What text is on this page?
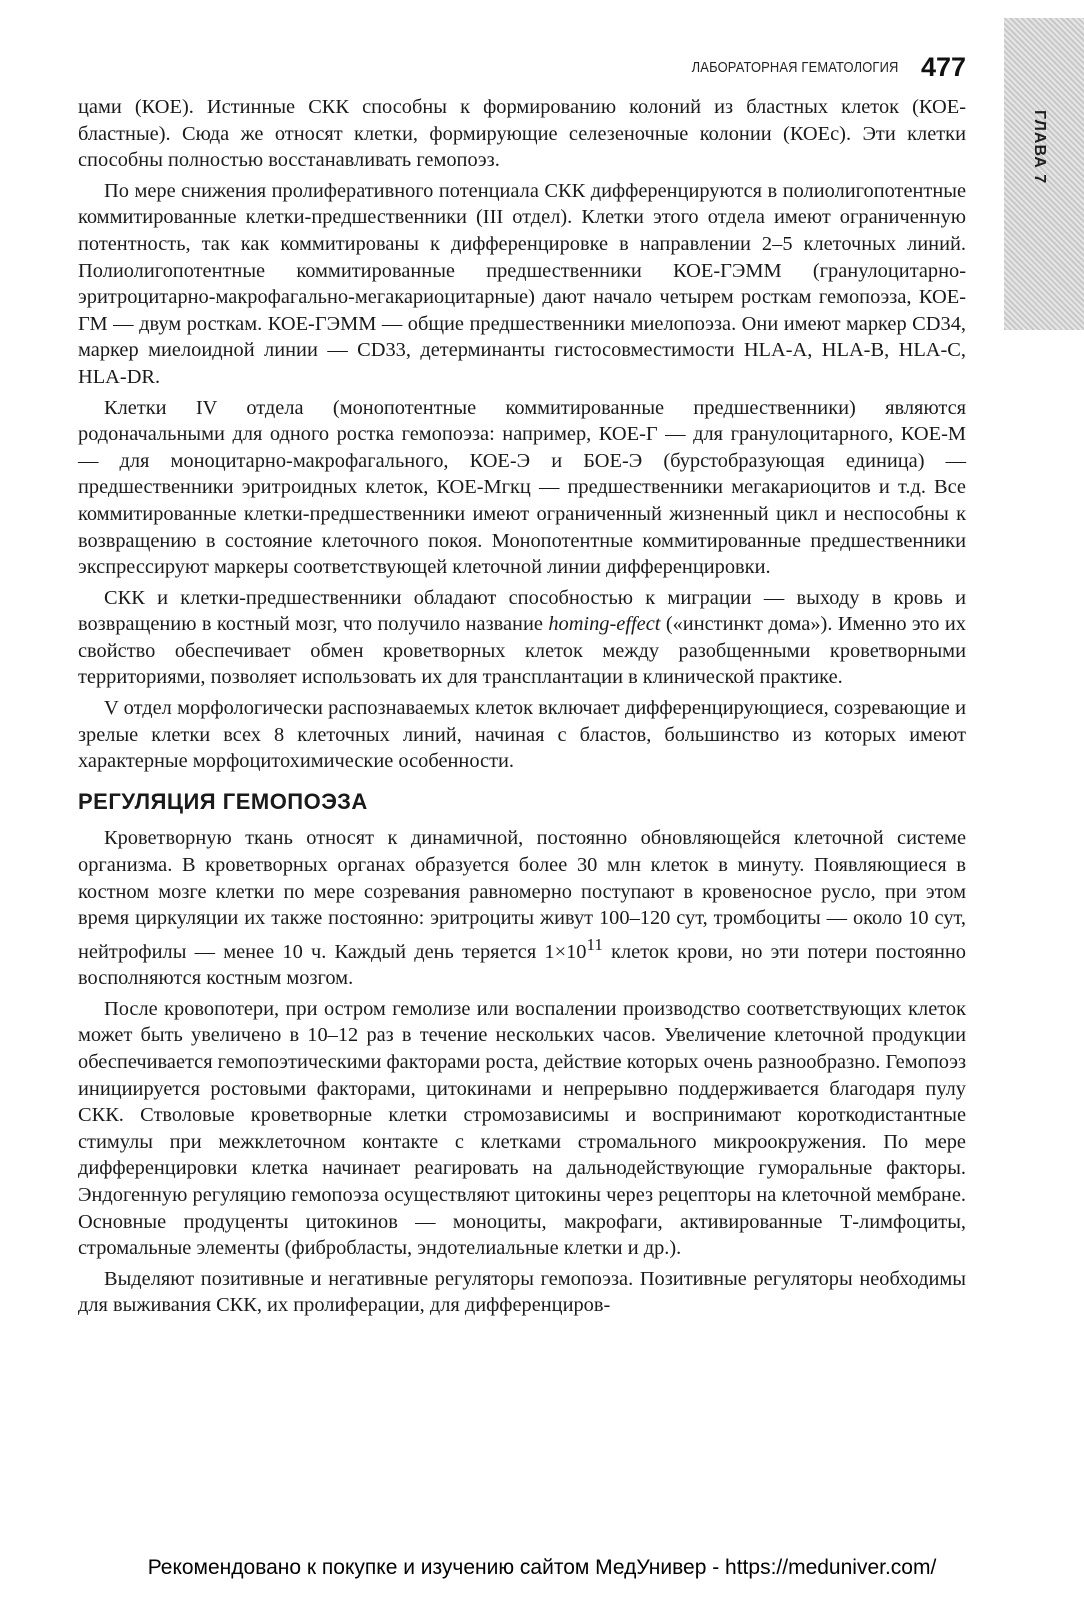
ЛАБОРАТОРНАЯ ГЕМАТОЛОГИЯ 477
ГЛАВА 7

цами (КОЕ). Истинные СКК способны к формированию колоний из бластных клеток (КОЕ-бластные). Сюда же относят клетки, формирующие селезеночные колонии (КОЕс). Эти клетки способны полностью восстанавливать гемопоэз.

По мере снижения пролиферативного потенциала СКК дифференцируются в полиолигопотентные коммитированные клетки-предшественники (III отдел). Клетки этого отдела имеют ограниченную потентность, так как коммитированы к дифференцировке в направлении 2–5 клеточных линий. Полиолигопотентные коммитированные предшественники КОЕ-ГЭММ (гранулоцитарно-эритроцитарно-макрофагально-мегакариоцитарные) дают начало четырем росткам гемопоэза, КОЕ-ГМ — двум росткам. КОЕ-ГЭММ — общие предшественники миелопоэза. Они имеют маркер CD34, маркер миелоидной линии — CD33, детерминанты гистосовместимости HLA-A, HLA-B, HLA-C, HLA-DR.

Клетки IV отдела (монопотентные коммитированные предшественники) являются родоначальными для одного ростка гемопоэза: например, КОЕ-Г — для гранулоцитарного, КОЕ-М — для моноцитарно-макрофагального, КОЕ-Э и БОЕ-Э (бурстобразующая единица) — предшественники эритроидных клеток, КОЕ-Мгкц — предшественники мегакариоцитов и т.д. Все коммитированные клетки-предшественники имеют ограниченный жизненный цикл и неспособны к возвращению в состояние клеточного покоя. Монопотентные коммитированные предшественники экспрессируют маркеры соответствующей клеточной линии дифференцировки.

СКК и клетки-предшественники обладают способностью к миграции — выходу в кровь и возвращению в костный мозг, что получило название homing-effect («инстинкт дома»). Именно это их свойство обеспечивает обмен кроветворных клеток между разобщенными кроветворными территориями, позволяет использовать их для трансплантации в клинической практике.

V отдел морфологически распознаваемых клеток включает дифференцирующиеся, созревающие и зрелые клетки всех 8 клеточных линий, начиная с бластов, большинство из которых имеют характерные морфоцитохимические особенности.

РЕГУЛЯЦИЯ ГЕМОПОЭЗА

Кроветворную ткань относят к динамичной, постоянно обновляющейся клеточной системе организма. В кроветворных органах образуется более 30 млн клеток в минуту. Появляющиеся в костном мозге клетки по мере созревания равномерно поступают в кровеносное русло, при этом время циркуляции их также постоянно: эритроциты живут 100–120 сут, тромбоциты — около 10 сут, нейтрофилы — менее 10 ч. Каждый день теряется $1\times 10^{11}$ клеток крови, но эти потери постоянно восполняются костным мозгом.

После кровопотери, при остром гемолизе или воспалении производство соответствующих клеток может быть увеличено в 10–12 раз в течение нескольких часов. Увеличение клеточной продукции обеспечивается гемопоэтическими факторами роста, действие которых очень разнообразно. Гемопоэз инициируется ростовыми факторами, цитокинами и непрерывно поддерживается благодаря пулу СКК. Стволовые кроветворные клетки стромозависимы и воспринимают короткодистантные стимулы при межклеточном контакте с клетками стромального микроокружения. По мере дифференцировки клетка начинает реагировать на дальнодействующие гуморальные факторы. Эндогенную регуляцию гемопоэза осуществляют цитокины через рецепторы на клеточной мембране. Основные продуценты цитокинов — моноциты, макрофаги, активированные Т-лимфоциты, стромальные элементы (фибробласты, эндотелиальные клетки и др.).

Выделяют позитивные и негативные регуляторы гемопоэза. Позитивные регуляторы необходимы для выживания СКК, их пролиферации, для дифференциров-

Рекомендовано к покупке и изучению сайтом МедУнивер - https://meduniver.com/
